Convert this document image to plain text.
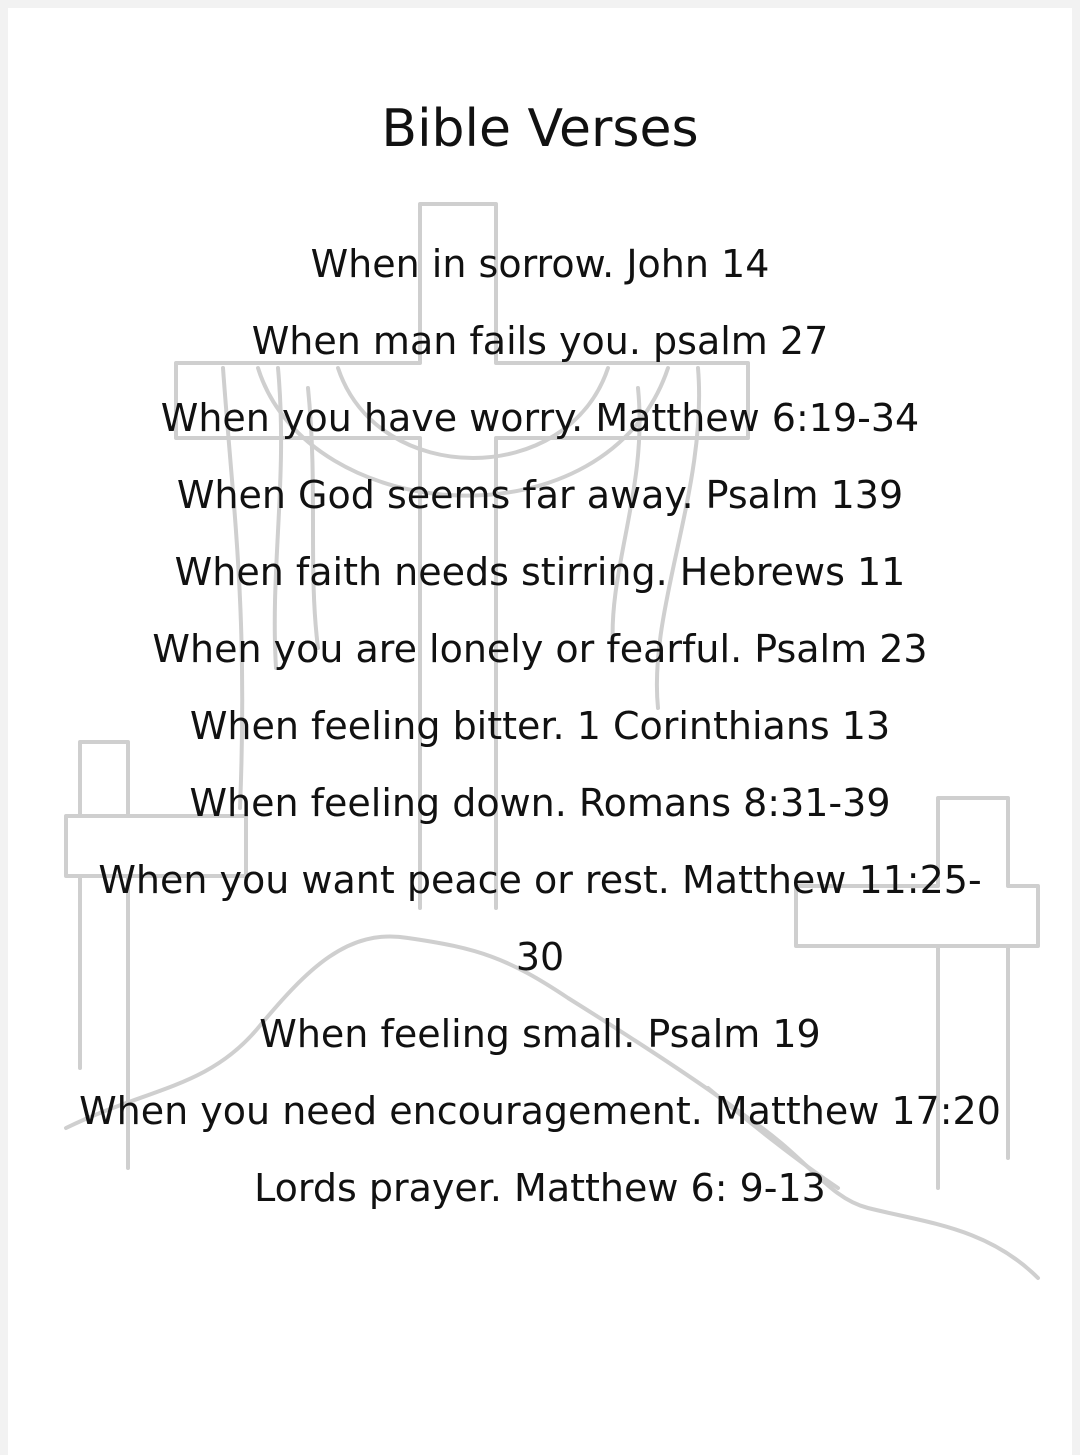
Bible Verses
When in sorrow. John 14
When man fails you. psalm 27
When you have worry. Matthew 6:19-34
When God seems far away. Psalm 139
When faith needs stirring. Hebrews 11
When you are lonely or fearful. Psalm 23
When feeling bitter. 1 Corinthians 13
When feeling down. Romans 8:31-39
When you want peace or rest. Matthew 11:25-30
When feeling small. Psalm 19
When you need encouragement. Matthew 17:20
Lords prayer. Matthew 6: 9-13
